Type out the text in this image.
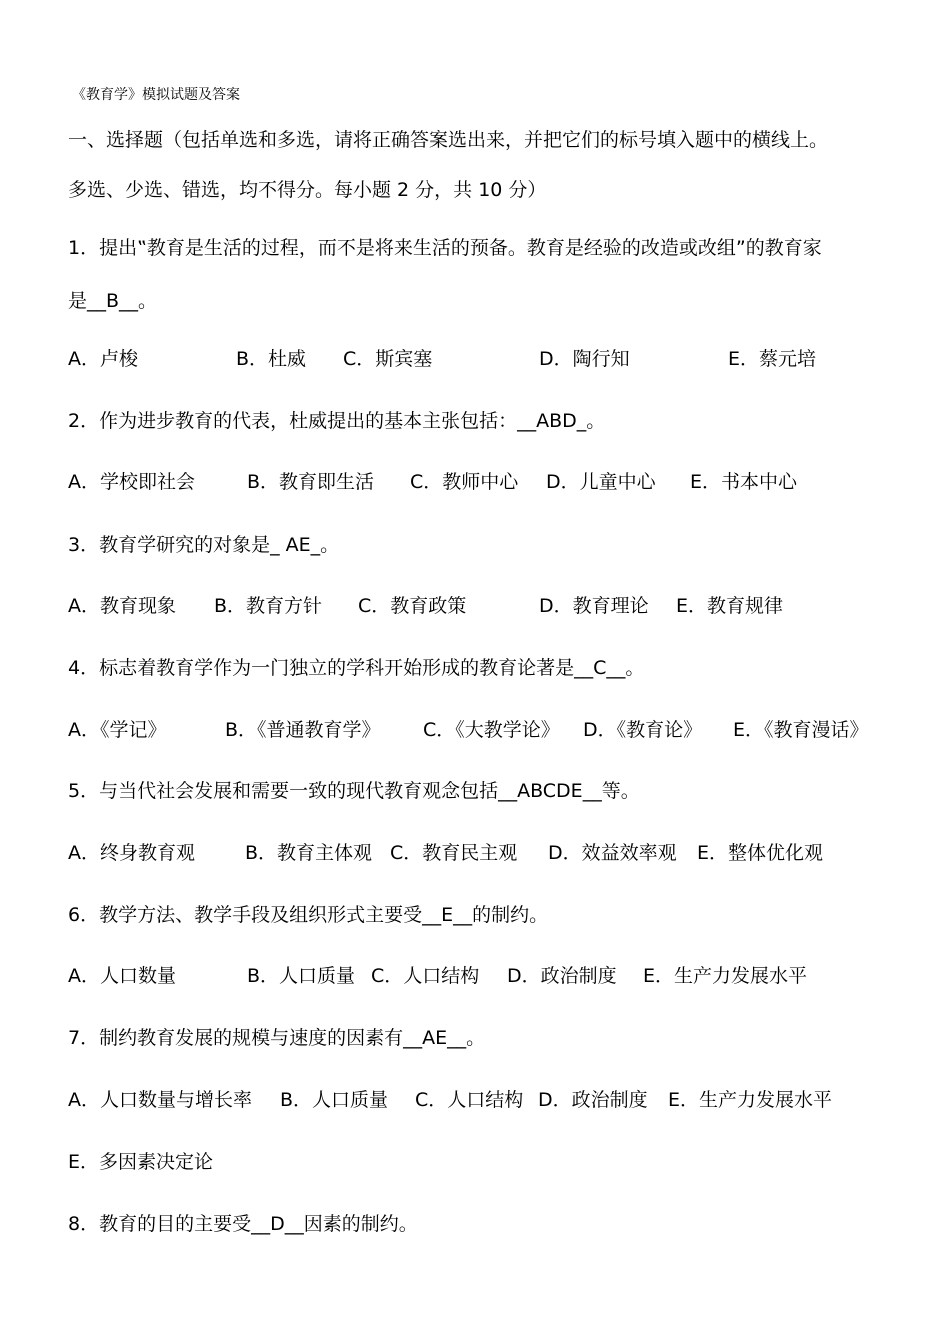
《教育学》模拟试题及答案
一、选择题（包括单选和多选，请将正确答案选出来，并把它们的标号填入题中的横线上。
多选、少选、错选，均不得分。每小题 2 分，共 10 分）
1．提出‟教育是生活的过程，而不是将来生活的预备。教育是经验的改造或改组”的教育家
是__B__。
A．卢梭	B．杜威 C．斯宾塞	D．陶行知	E．蔡元培
2．作为进步教育的代表，杜威提出的基本主张包括：__ABD_。
A．学校即社会	B．教育即生活 C．教师中心 D．儿童中心 E．书本中心
3．教育学研究的对象是_ AE_。
A．教育现象 B．教育方针 C．教育政策	D．教育理论 E．教育规律
4．标志着教育学作为一门独立的学科开始形成的教育论著是__C__。
A．《学记》	B．《普通教育学》 C．《大教学论》 D．《教育论》 E．《教育漫话》
5．与当代社会发展和需要一致的现代教育观念包括__ABCDE__等。
A．终身教育观	B．教育主体观 C．教育民主观 D．效益效率观 E．整体优化观
6．教学方法、教学手段及组织形式主要受__E__的制约。
A．人口数量	B．人口质量 C．人口结构 D．政治制度 E．生产力发展水平
7．制约教育发展的规模与速度的因素有__AE__。
A．人口数量与增长率 B．人口质量 C．人口结构 D．政治制度 E．生产力发展水平
E．多因素决定论
8．教育的目的主要受__D__因素的制约。
